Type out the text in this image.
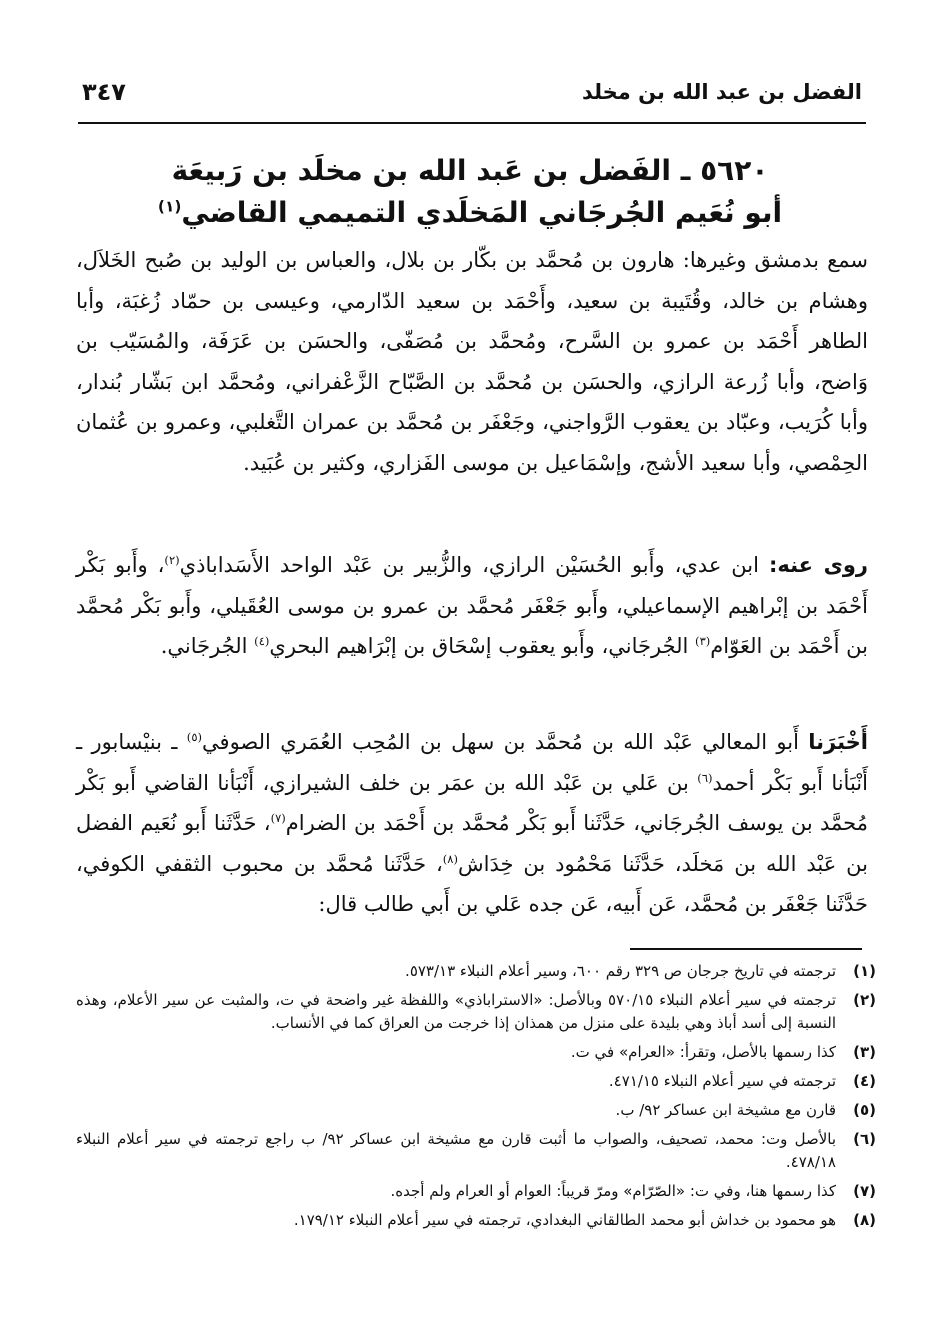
الفضل بن عبد الله بن مخلد
٣٤٧
٥٦٢٠ ـ الفَضل بن عَبد الله بن مخلَد بن رَبيعَة
أبو نُعَيم الجُرجَاني المَخلَدي التميمي القاضي$^{(١)}$
سمع بدمشق وغيرها: هارون بن مُحمَّد بن بكّار بن بلال، والعباس بن الوليد بن صُبح الخَلاَل، وهشام بن خالد، وقُتَيبة بن سعيد، وأَحْمَد بن سعيد الدّارمي، وعيسى بن حمّاد زُغبَة، وأبا الطاهر أَحْمَد بن عمرو بن السَّرح، ومُحمَّد بن مُصَفّى، والحسَن بن عَرَفَة، والمُسَيّب بن وَاضح، وأبا زُرعة الرازي، والحسَن بن مُحمَّد بن الصَّبّاح الزَّعْفراني، ومُحمَّد ابن بَشّار بُندار، وأبا كُرَيب، وعبّاد بن يعقوب الرَّواجني، وجَعْفَر بن مُحمَّد بن عمران التَّغلبي، وعمرو بن عُثمان الحِمْصي، وأبا سعيد الأشج، وإسْمَاعيل بن موسى الفَزاري، وكثير بن عُبَيد.
روى عنه: ابن عدي، وأَبو الحُسَيْن الرازي، والزُّبير بن عَبْد الواحد الأَسَداباذي$^{(٢)}$، وأَبو بَكْر أَحْمَد بن إبْراهيم الإسماعيلي، وأَبو جَعْفَر مُحمَّد بن عمرو بن موسى العُقَيلي، وأَبو بَكْر مُحمَّد بن أَحْمَد بن العَوّام$^{(٣)}$ الجُرجَاني، وأَبو يعقوب إسْحَاق بن إبْرَاهيم البحري$^{(٤)}$ الجُرجَاني.
أَخْبَرَنا أَبو المعالي عَبْد الله بن مُحمَّد بن سهل بن المُحِب العُمَري الصوفي$^{(٥)}$ ـ بنيْسابور ـ أَنْبَأنا أَبو بَكْر أحمد$^{(٦)}$ بن عَلي بن عَبْد الله بن عمَر بن خلف الشيرازي، أَنْبَأنا القاضي أَبو بَكْر مُحمَّد بن يوسف الجُرجَاني، حَدَّثَنا أَبو بَكْر مُحمَّد بن أَحْمَد بن الضرام$^{(٧)}$، حَدَّثَنا أَبو نُعَيم الفضل بن عَبْد الله بن مَخلَد، حَدَّثَنا مَحْمُود بن خِدَاش$^{(٨)}$، حَدَّثَنا مُحمَّد بن محبوب الثقفي الكوفي، حَدَّثَنا جَعْفَر بن مُحمَّد، عَن أَبيه، عَن جده عَلي بن أَبي طالب قال:
(١)
ترجمته في تاريخ جرجان ص ٣٢٩ رقم ٦٠٠، وسير أعلام النبلاء ٥٧٣/١٣.
(٢)
ترجمته في سير أعلام النبلاء ٥٧٠/١٥ وبالأصل: «الاستراباذي» واللفظة غير واضحة في ت، والمثبت عن سير الأعلام، وهذه النسبة إلى أسد أباذ وهي بليدة على منزل من همذان إذا خرجت من العراق كما في الأنساب.
(٣)
كذا رسمها بالأصل، وتقرأ: «العرام» في ت.
(٤)
ترجمته في سير أعلام النبلاء ٤٧١/١٥.
(٥)
قارن مع مشيخة ابن عساكر ٩٢/ ب.
(٦)
بالأصل وت: محمد، تصحيف، والصواب ما أثبت قارن مع مشيخة ابن عساكر ٩٢/ ب راجع ترجمته في سير أعلام النبلاء ٤٧٨/١٨.
(٧)
كذا رسمها هنا، وفي ت: «الصّرّام» ومرّ قريباً: العوام أو العرام ولم أجده.
(٨)
هو محمود بن خداش أبو محمد الطالقاني البغدادي، ترجمته في سير أعلام النبلاء ١٧٩/١٢.
